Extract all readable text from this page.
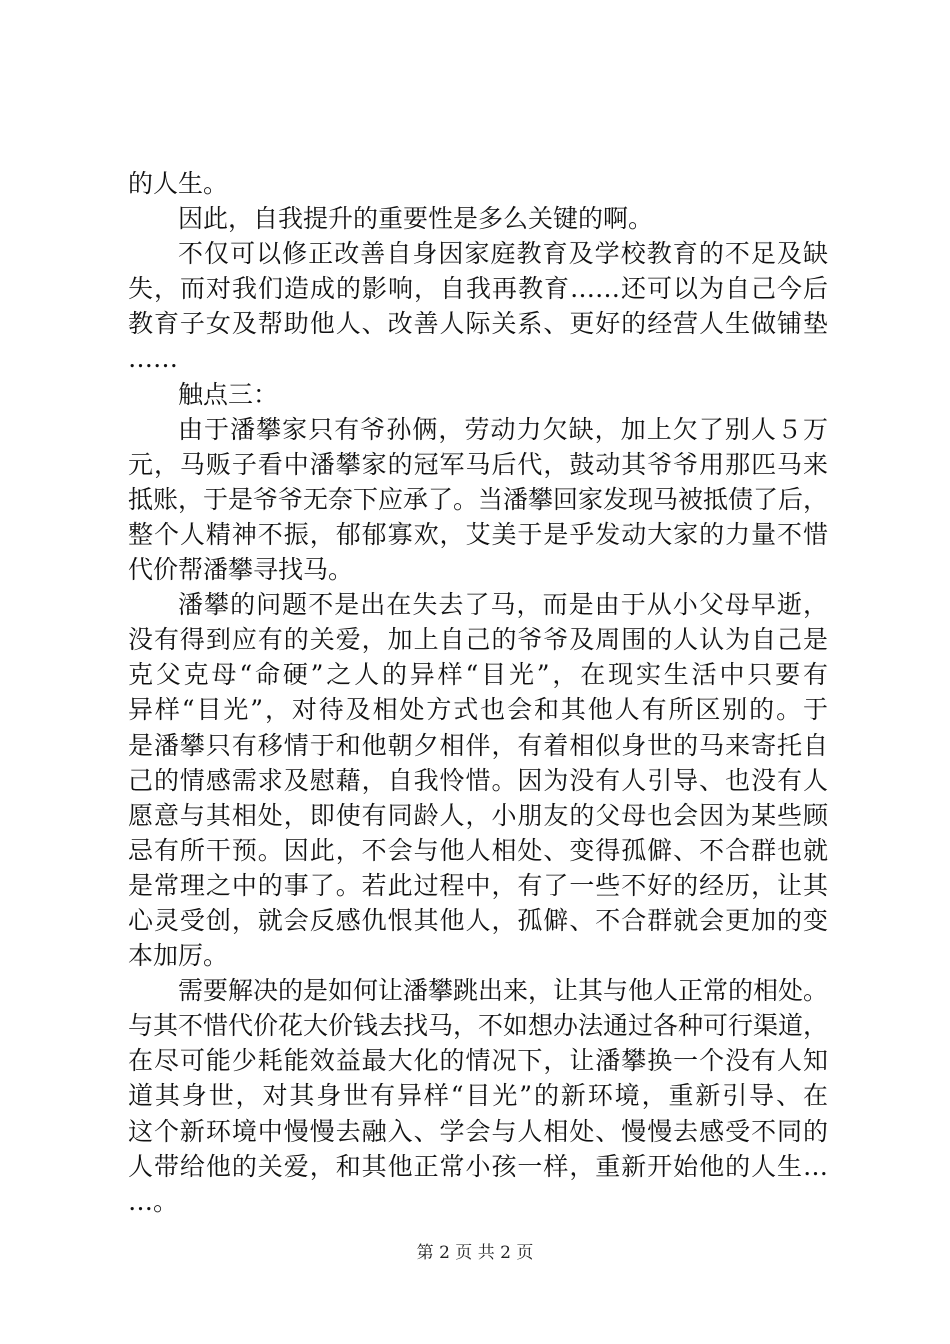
的人生。
因此，自我提升的重要性是多么关键的啊。
不仅可以修正改善自身因家庭教育及学校教育的不足及缺
失，而对我们造成的影响，自我再教育……还可以为自己今后
教育子女及帮助他人、改善人际关系、更好的经营人生做铺垫
……
触点三：
由于潘攀家只有爷孙俩，劳动力欠缺，加上欠了别人５万
元，马贩子看中潘攀家的冠军马后代，鼓动其爷爷用那匹马来
抵账，于是爷爷无奈下应承了。当潘攀回家发现马被抵债了后，
整个人精神不振，郁郁寡欢，艾美于是乎发动大家的力量不惜
代价帮潘攀寻找马。
潘攀的问题不是出在失去了马，而是由于从小父母早逝，
没有得到应有的关爱，加上自己的爷爷及周围的人认为自己是
克父克母“命硬”之人的异样“目光”，在现实生活中只要有
异样“目光”，对待及相处方式也会和其他人有所区别的。于
是潘攀只有移情于和他朝夕相伴，有着相似身世的马来寄托自
己的情感需求及慰藉，自我怜惜。因为没有人引导、也没有人
愿意与其相处，即使有同龄人，小朋友的父母也会因为某些顾
忌有所干预。因此，不会与他人相处、变得孤僻、不合群也就
是常理之中的事了。若此过程中，有了一些不好的经历，让其
心灵受创，就会反感仇恨其他人，孤僻、不合群就会更加的变
本加厉。
需要解决的是如何让潘攀跳出来，让其与他人正常的相处。
与其不惜代价花大价钱去找马，不如想办法通过各种可行渠道，
在尽可能少耗能效益最大化的情况下，让潘攀换一个没有人知
道其身世，对其身世有异样“目光”的新环境，重新引导、在
这个新环境中慢慢去融入、学会与人相处、慢慢去感受不同的
人带给他的关爱，和其他正常小孩一样，重新开始他的人生…
…。
第 2 页 共 2 页
